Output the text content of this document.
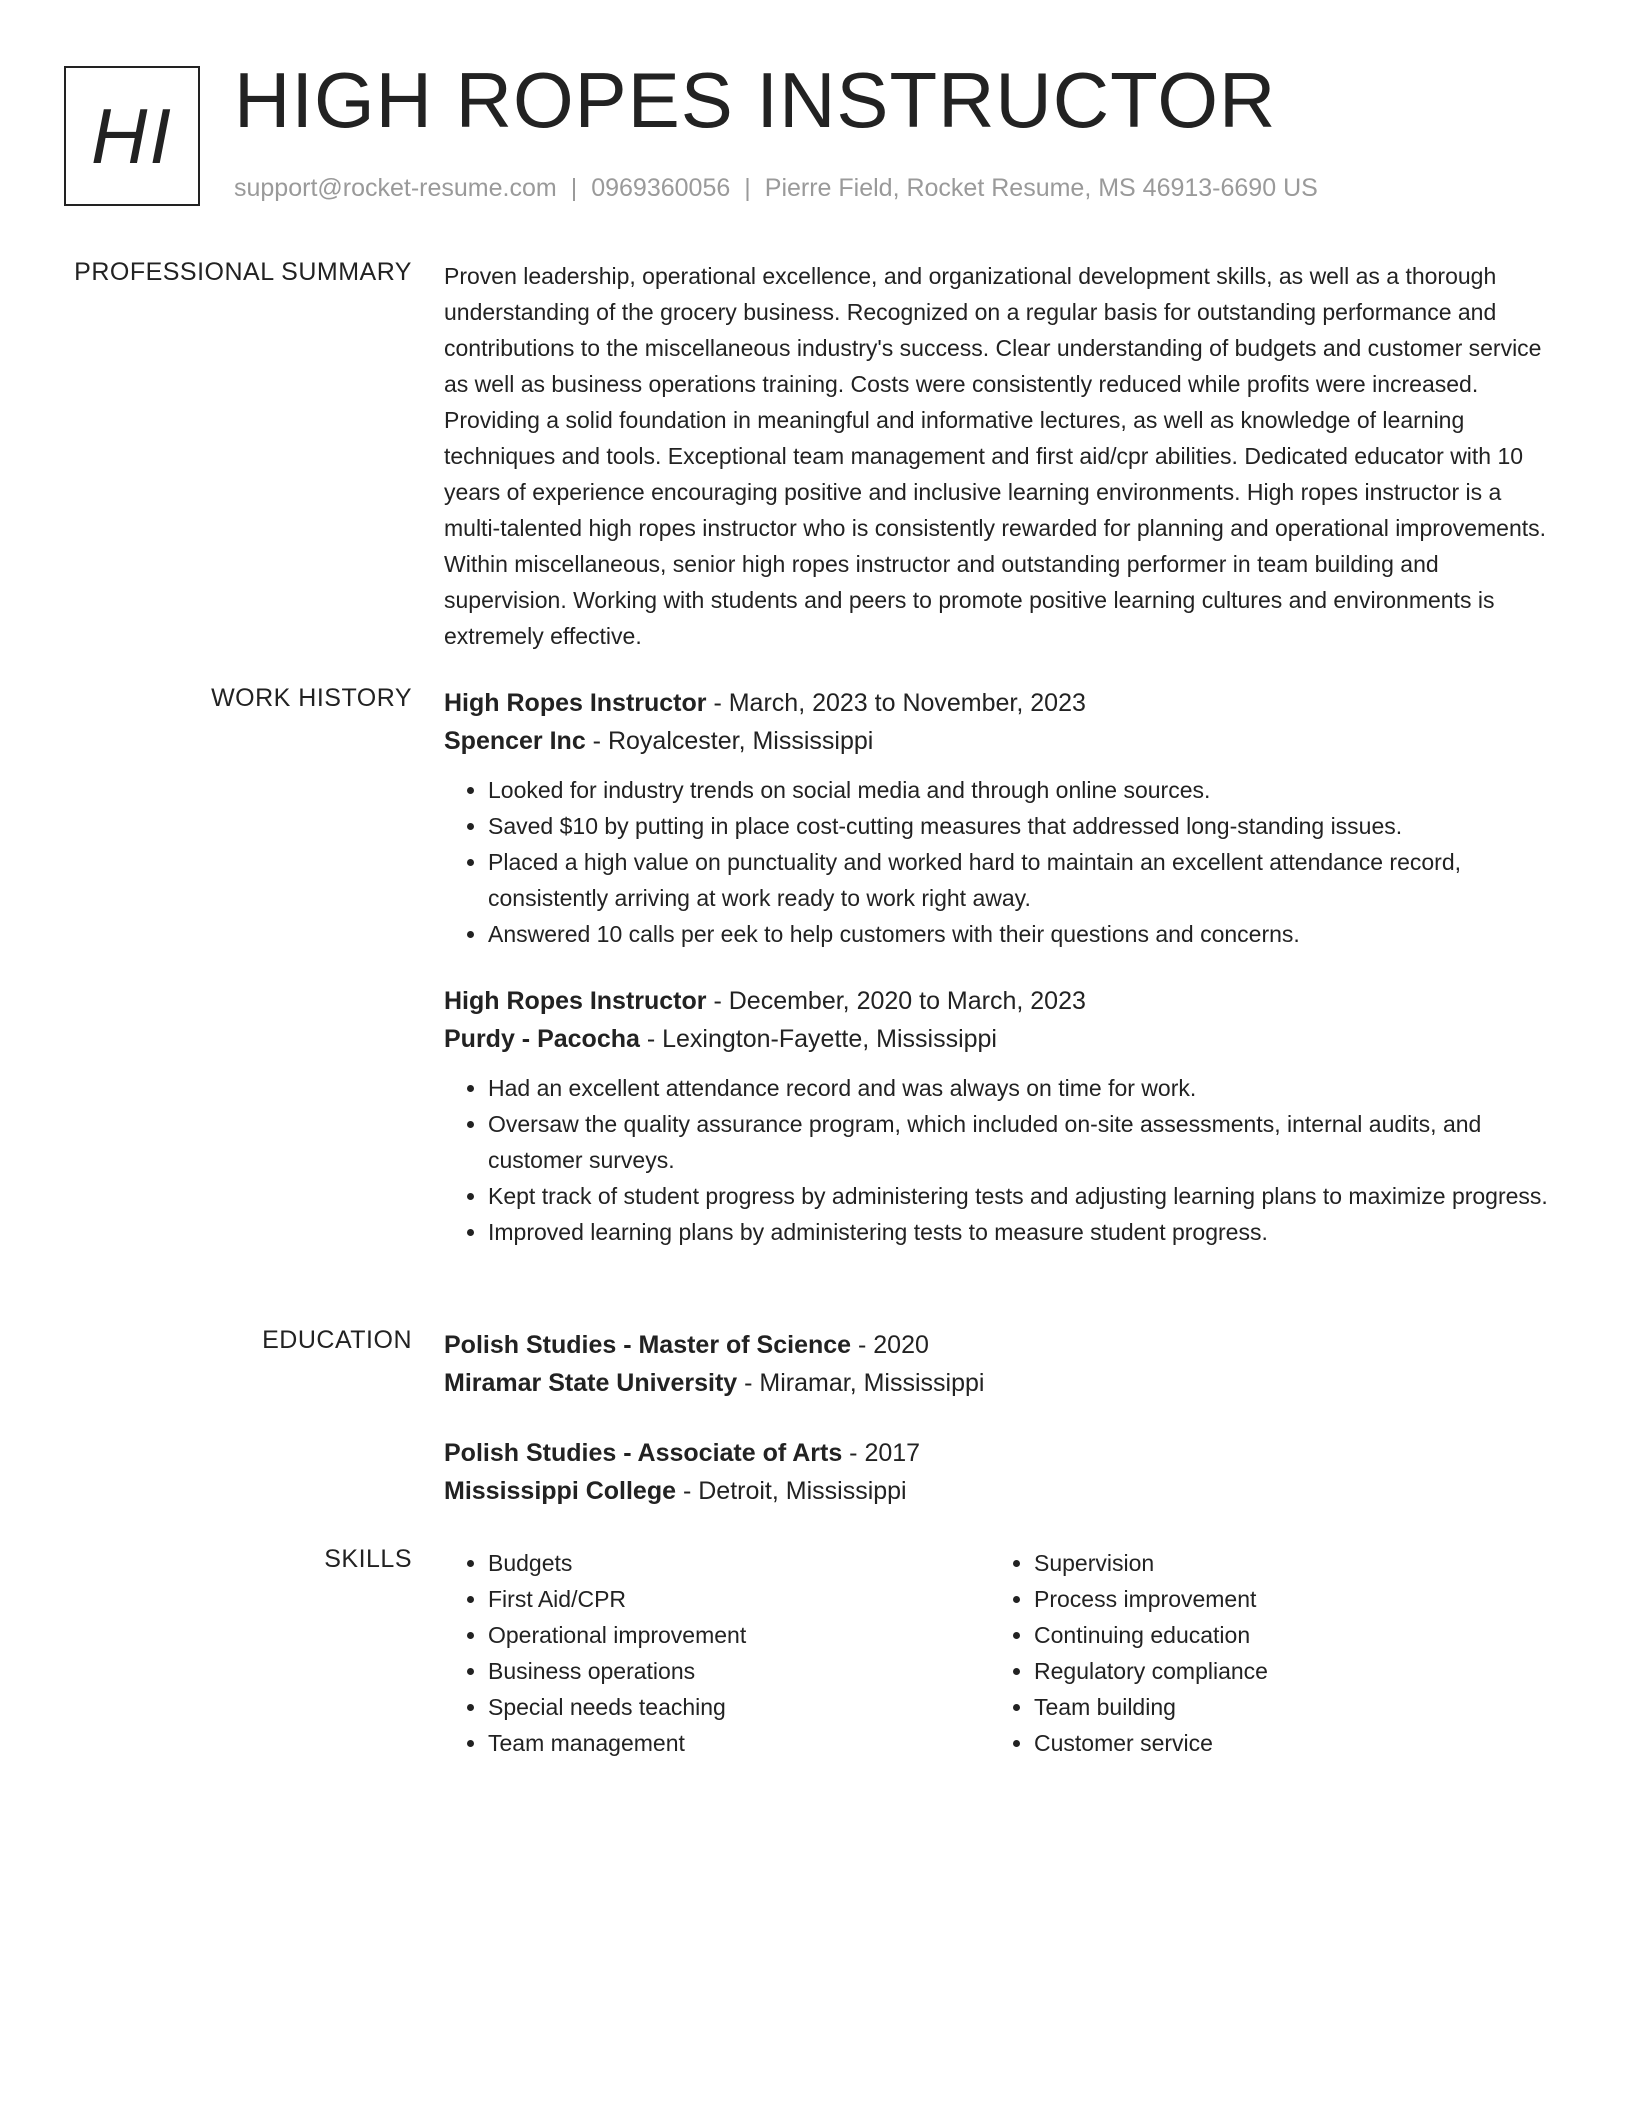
HI HIGH ROPES INSTRUCTOR
support@rocket-resume.com | 0969360056 | Pierre Field, Rocket Resume, MS 46913-6690 US
PROFESSIONAL SUMMARY Proven leadership, operational excellence, and organizational development skills, as well as a thorough understanding of the grocery business. Recognized on a regular basis for outstanding performance and contributions to the miscellaneous industry's success. Clear understanding of budgets and customer service as well as business operations training. Costs were consistently reduced while profits were increased. Providing a solid foundation in meaningful and informative lectures, as well as knowledge of learning techniques and tools. Exceptional team management and first aid/cpr abilities. Dedicated educator with 10 years of experience encouraging positive and inclusive learning environments. High ropes instructor is a multi-talented high ropes instructor who is consistently rewarded for planning and operational improvements. Within miscellaneous, senior high ropes instructor and outstanding performer in team building and supervision. Working with students and peers to promote positive learning cultures and environments is extremely effective.

WORK HISTORY High Ropes Instructor - March, 2023 to November, 2023
Spencer Inc - Royalcester, Mississippi
• Looked for industry trends on social media and through online sources.
• Saved $10 by putting in place cost-cutting measures that addressed long-standing issues.
• Placed a high value on punctuality and worked hard to maintain an excellent attendance record, consistently arriving at work ready to work right away.
• Answered 10 calls per eek to help customers with their questions and concerns.
High Ropes Instructor - December, 2020 to March, 2023
Purdy - Pacocha - Lexington-Fayette, Mississippi
• Had an excellent attendance record and was always on time for work.
• Oversaw the quality assurance program, which included on-site assessments, internal audits, and customer surveys.
• Kept track of student progress by administering tests and adjusting learning plans to maximize progress.
• Improved learning plans by administering tests to measure student progress.
EDUCATION Polish Studies - Master of Science - 2020
Miramar State University - Miramar, Mississippi
Polish Studies - Associate of Arts - 2017
Mississippi College - Detroit, Mississippi
SKILLS
•	Budgets
• First Aid/CPR
• Operational improvement
• Business operations
• Special needs teaching
• Team management
• Supervision
• Process improvement
• Continuing education
• Regulatory compliance
• Team building
• Customer service
